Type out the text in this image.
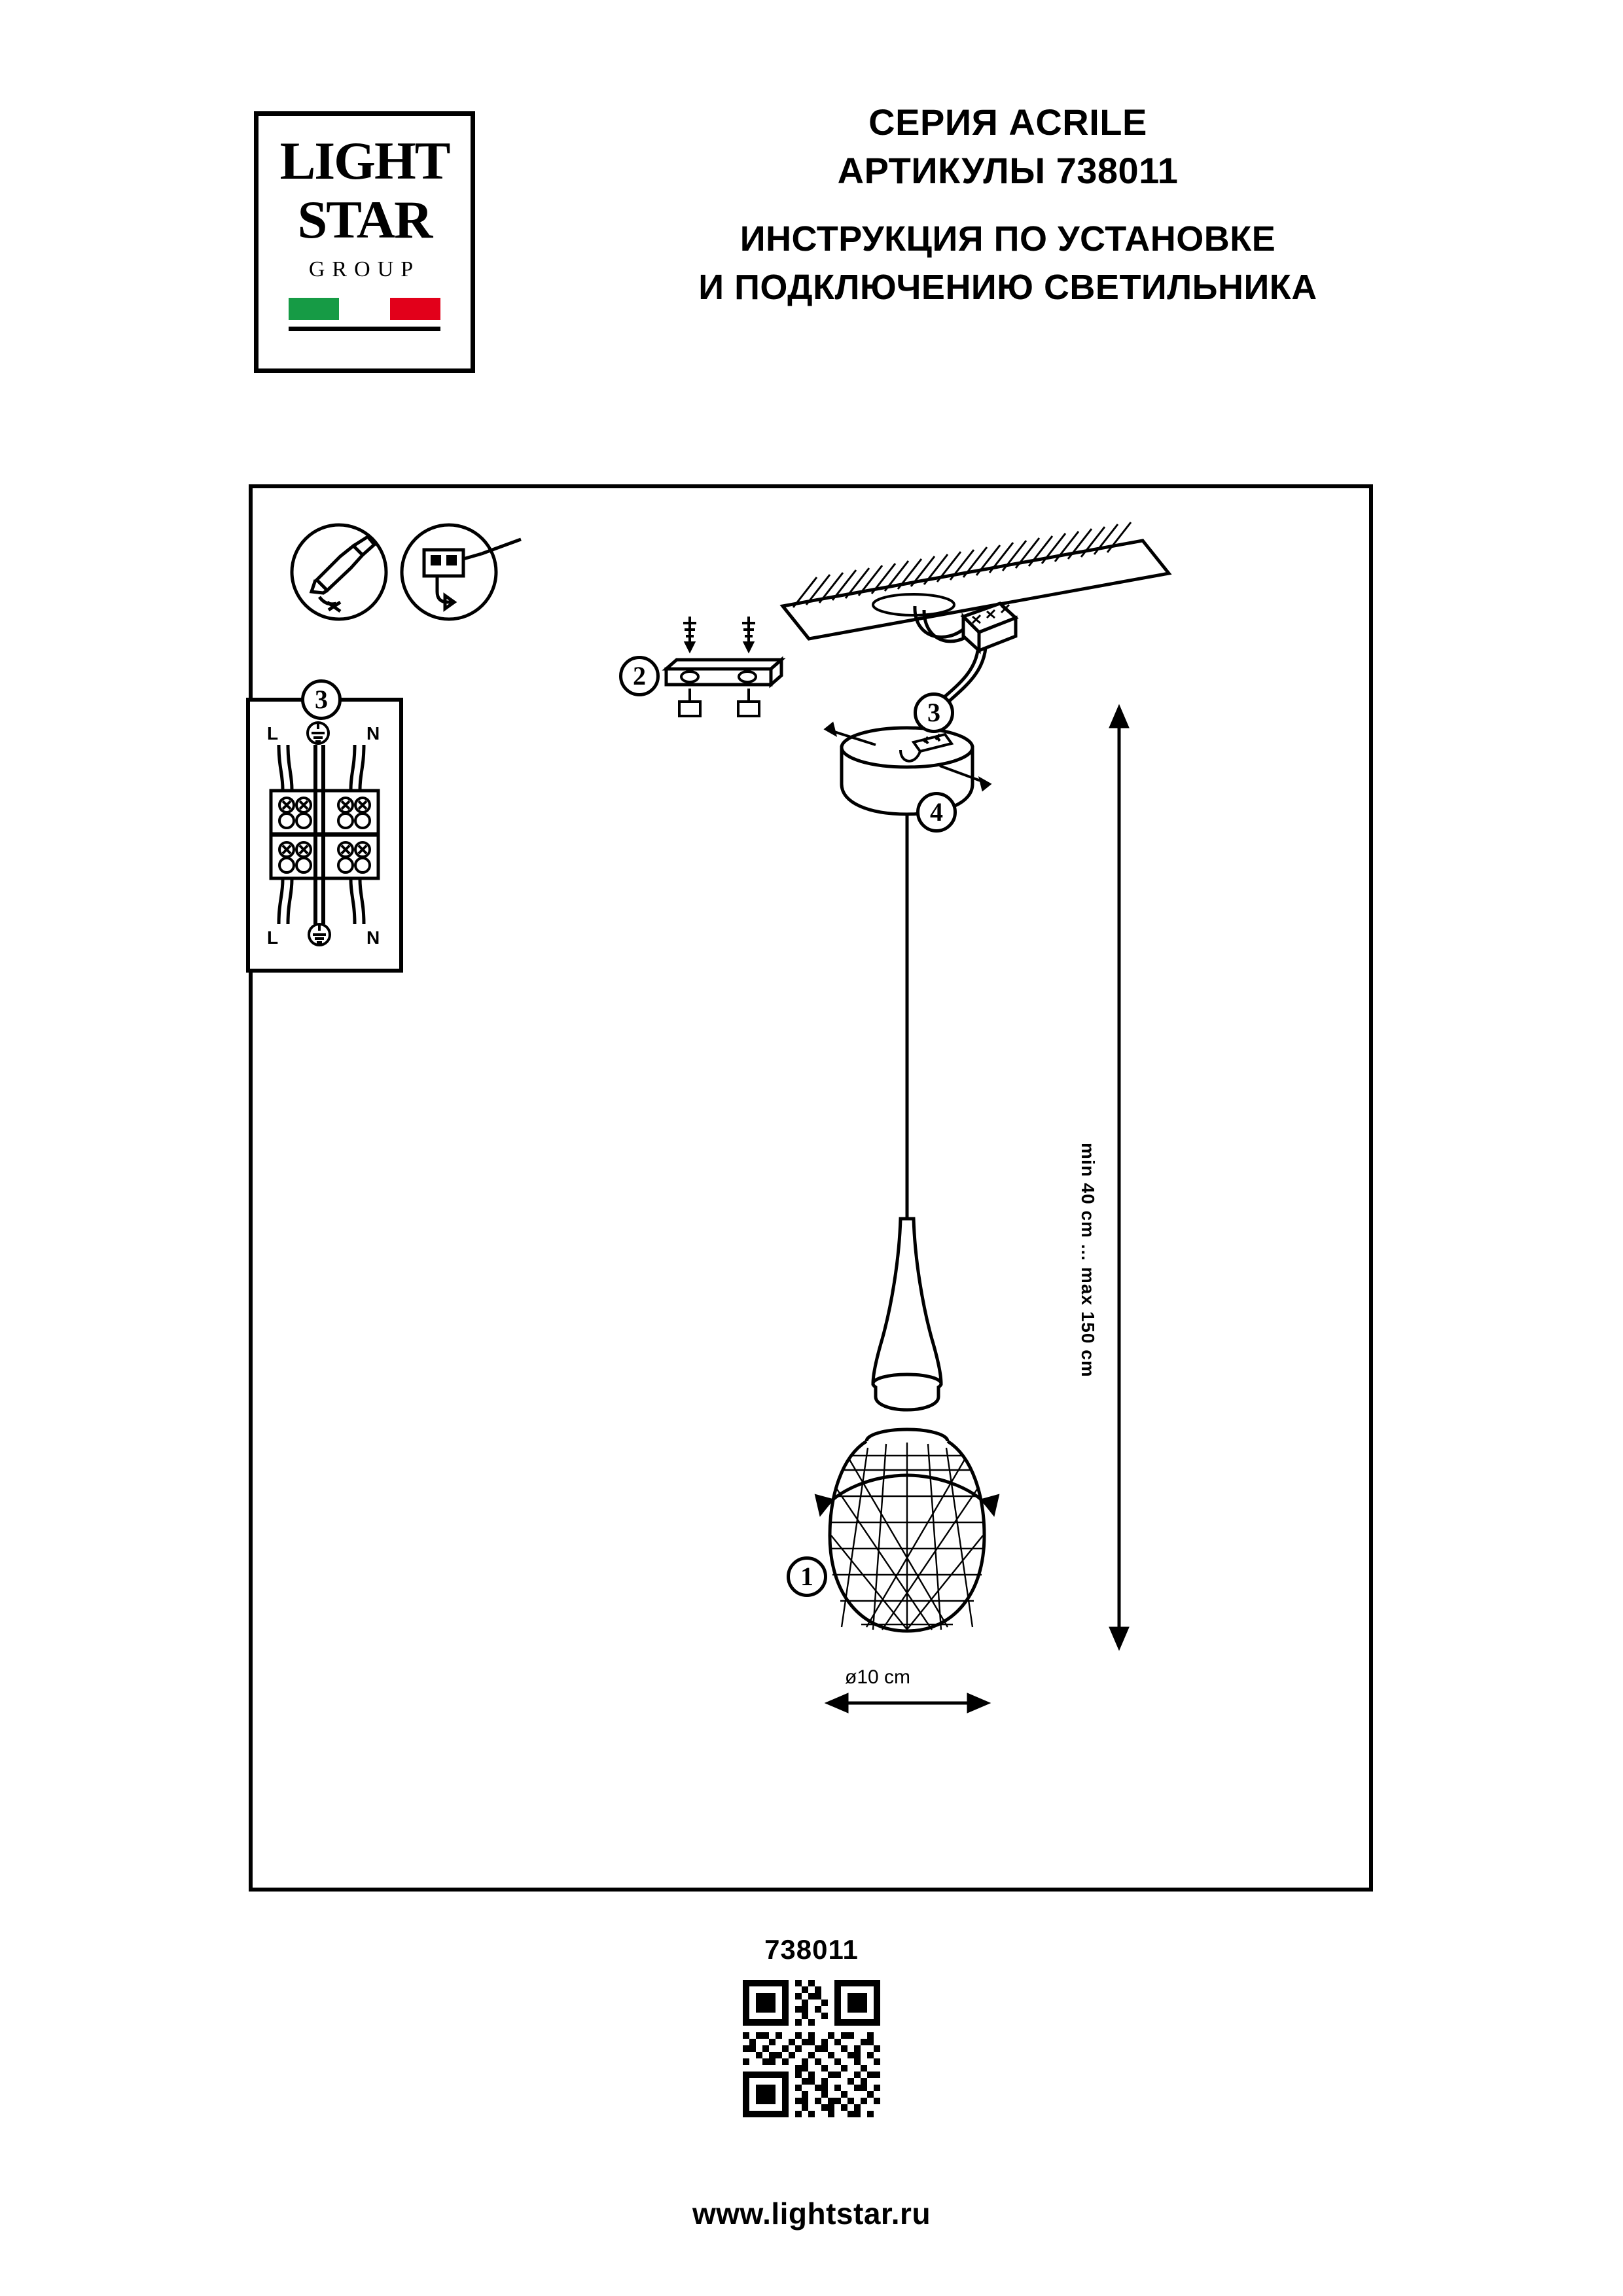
LIGHT
STAR
GROUP
СЕРИЯ ACRILE
АРТИКУЛЫ 738011
ИНСТРУКЦИЯ ПО УСТАНОВКЕ
И ПОДКЛЮЧЕНИЮ СВЕТИЛЬНИКА
3
L	N
L	N
1
2
3
4
min 40 cm ... max 150 cm
ø10 cm
738011
www.lightstar.ru
